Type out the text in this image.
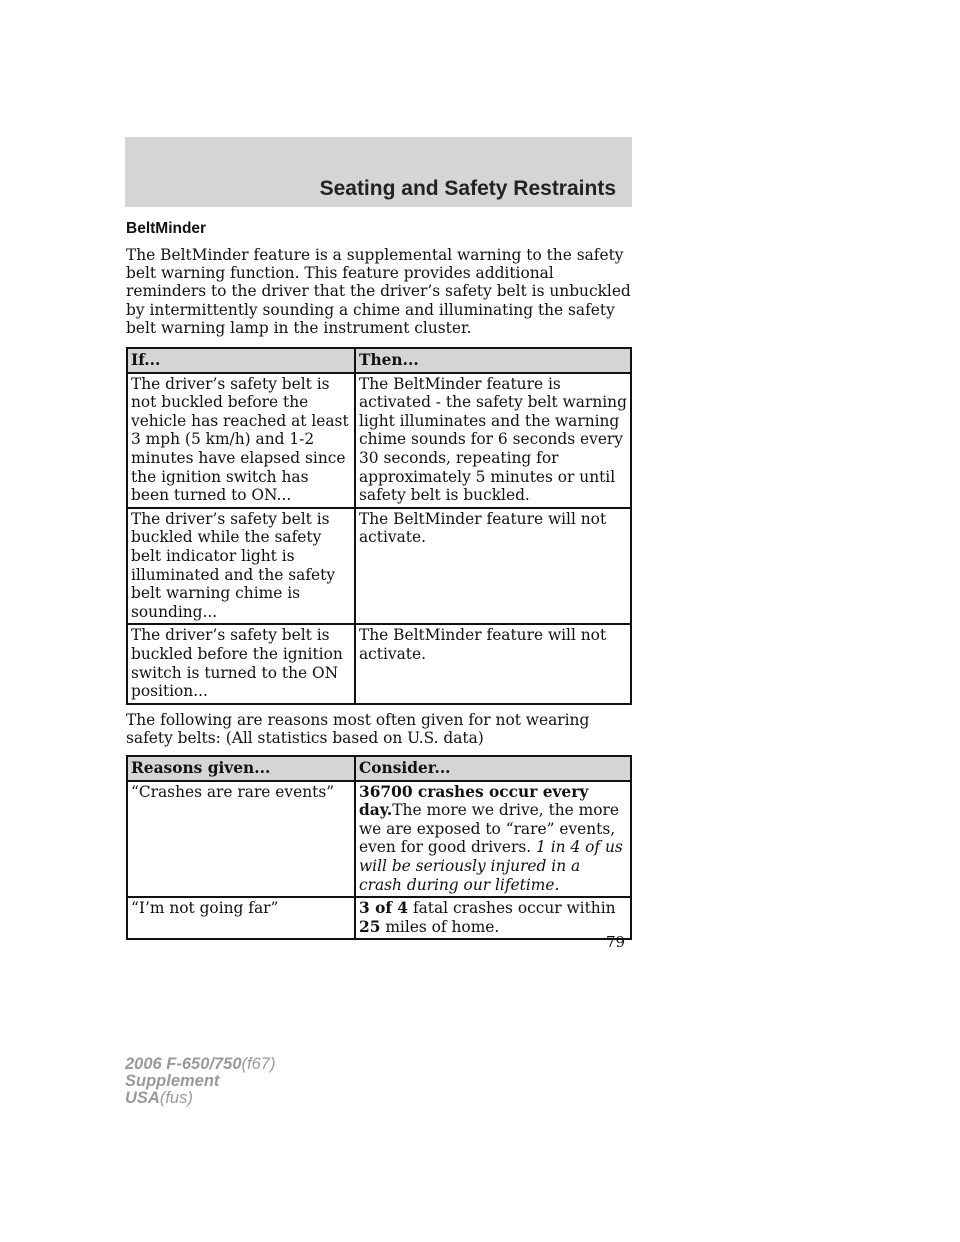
Seating and Safety Restraints
BeltMinder

The BeltMinder feature is a supplemental warning to the safety belt warning function. This feature provides additional reminders to the driver that the driver’s safety belt is unbuckled by intermittently sounding a chime and illuminating the safety belt warning lamp in the instrument cluster.

If...	Then...
The driver’s safety belt is not buckled before the vehicle has reached at least 3 mph (5 km/h) and 1-2 minutes have elapsed since the ignition switch has been turned to ON...	The BeltMinder feature is activated - the safety belt warning light illuminates and the warning chime sounds for 6 seconds every 30 seconds, repeating for approximately 5 minutes or until safety belt is buckled.
The driver’s safety belt is buckled while the safety belt indicator light is illuminated and the safety belt warning chime is sounding...	The BeltMinder feature will not activate.
The driver’s safety belt is buckled before the ignition switch is turned to the ON position...	The BeltMinder feature will not activate.

The following are reasons most often given for not wearing safety belts: (All statistics based on U.S. data)

Reasons given...	Consider...
“Crashes are rare events”	36700 crashes occur every day.The more we drive, the more we are exposed to “rare” events, even for good drivers. 1 in 4 of us will be seriously injured in a crash during our lifetime.
“I’m not going far”	3 of 4 fatal crashes occur within 25 miles of home.
79
2006 F-650/750(f67)
Supplement
USA(fus)
